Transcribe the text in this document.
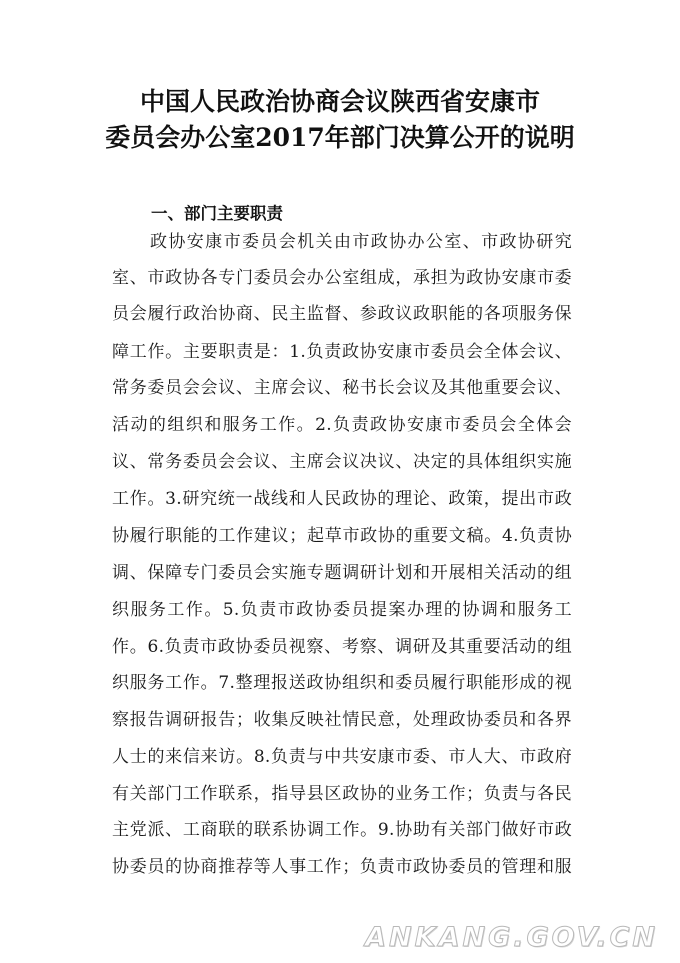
中国人民政治协商会议陕西省安康市
委员会办公室2017年部门决算公开的说明
一、部门主要职责
政协安康市委员会机关由市政协办公室、市政协研究
室、市政协各专门委员会办公室组成，承担为政协安康市委
员会履行政治协商、民主监督、参政议政职能的各项服务保
障工作。主要职责是：1.负责政协安康市委员会全体会议、
常务委员会会议、主席会议、秘书长会议及其他重要会议、
活动的组织和服务工作。2.负责政协安康市委员会全体会
议、常务委员会会议、主席会议决议、决定的具体组织实施
工作。3.研究统一战线和人民政协的理论、政策，提出市政
协履行职能的工作建议；起草市政协的重要文稿。4.负责协
调、保障专门委员会实施专题调研计划和开展相关活动的组
织服务工作。5.负责市政协委员提案办理的协调和服务工
作。6.负责市政协委员视察、考察、调研及其重要活动的组
织服务工作。7.整理报送政协组织和委员履行职能形成的视
察报告调研报告；收集反映社情民意，处理政协委员和各界
人士的来信来访。8.负责与中共安康市委、市人大、市政府
有关部门工作联系，指导县区政协的业务工作；负责与各民
主党派、工商联的联系协调工作。9.协助有关部门做好市政
协委员的协商推荐等人事工作；负责市政协委员的管理和服
ANKANG.GOV.CN
